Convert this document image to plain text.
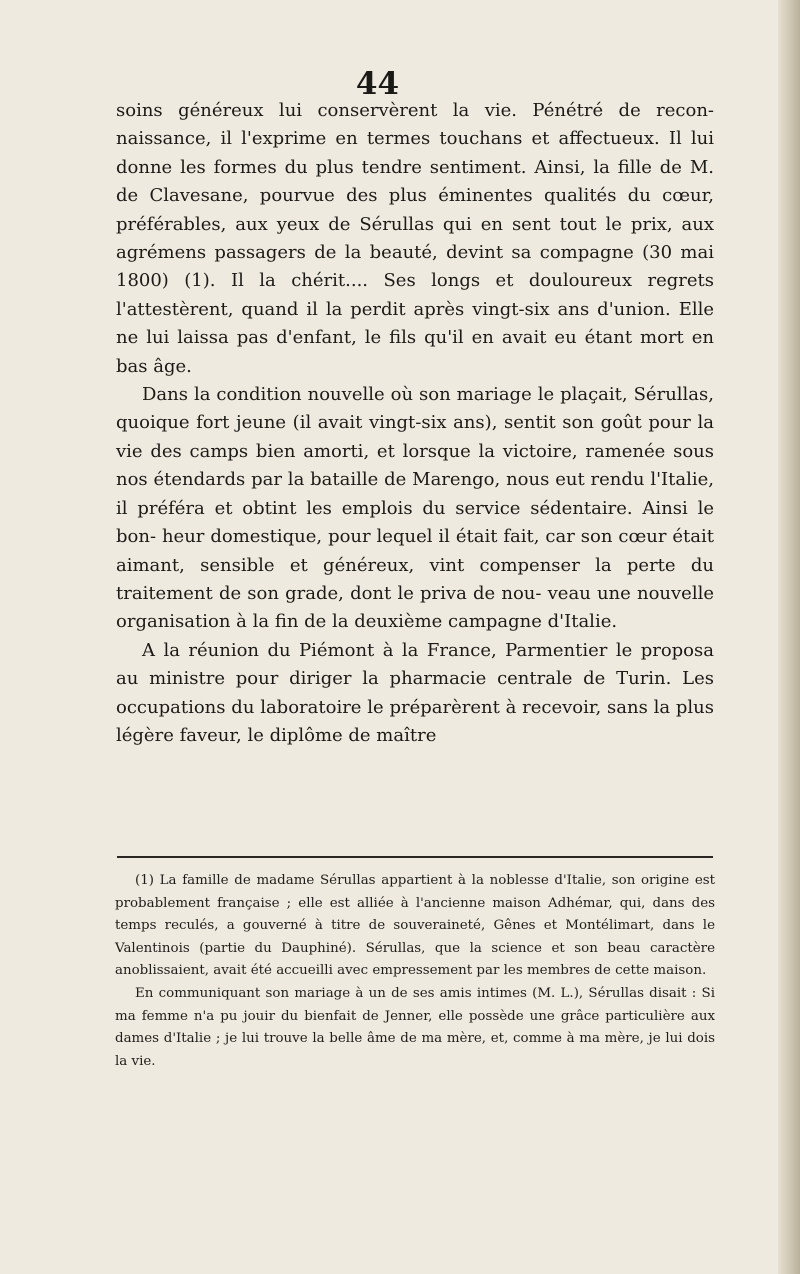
44

soins généreux lui conservèrent la vie. Pénétré de recon- naissance, il l'exprime en termes touchans et affectueux. Il lui donne les formes du plus tendre sentiment. Ainsi, la fille de M. de Clavesane, pourvue des plus éminentes qualités du cœur, préférables, aux yeux de Sérullas qui en sent tout le prix, aux agrémens passagers de la beauté, devint sa compagne (30 mai 1800) (1). Il la chérit.... Ses longs et douloureux regrets l'attestèrent, quand il la perdit après vingt-six ans d'union. Elle ne lui laissa pas d'enfant, le fils qu'il en avait eu étant mort en bas âge.

Dans la condition nouvelle où son mariage le plaçait, Sérullas, quoique fort jeune (il avait vingt-six ans), sentit son goût pour la vie des camps bien amorti, et lorsque la victoire, ramenée sous nos étendards par la bataille de Marengo, nous eut rendu l'Italie, il préféra et obtint les emplois du service sédentaire. Ainsi le bon- heur domestique, pour lequel il était fait, car son cœur était aimant, sensible et généreux, vint compenser la perte du traitement de son grade, dont le priva de nou- veau une nouvelle organisation à la fin de la deuxième campagne d'Italie.

A la réunion du Piémont à la France, Parmentier le proposa au ministre pour diriger la pharmacie centrale de Turin. Les occupations du laboratoire le préparèrent à recevoir, sans la plus légère faveur, le diplôme de maître

(1) La famille de madame Sérullas appartient à la noblesse d'Italie, son origine est probablement française ; elle est alliée à l'ancienne maison Adhémar, qui, dans des temps reculés, a gouverné à titre de souveraineté, Gênes et Montélimart, dans le Valentinois (partie du Dauphiné). Sérullas, que la science et son beau caractère anoblissaient, avait été accueilli avec empressement par les membres de cette maison.
En communiquant son mariage à un de ses amis intimes (M. L.), Sérullas disait : Si ma femme n'a pu jouir du bienfait de Jenner, elle possède une grâce particulière aux dames d'Italie ; je lui trouve la belle âme de ma mère, et, comme à ma mère, je lui dois la vie.
